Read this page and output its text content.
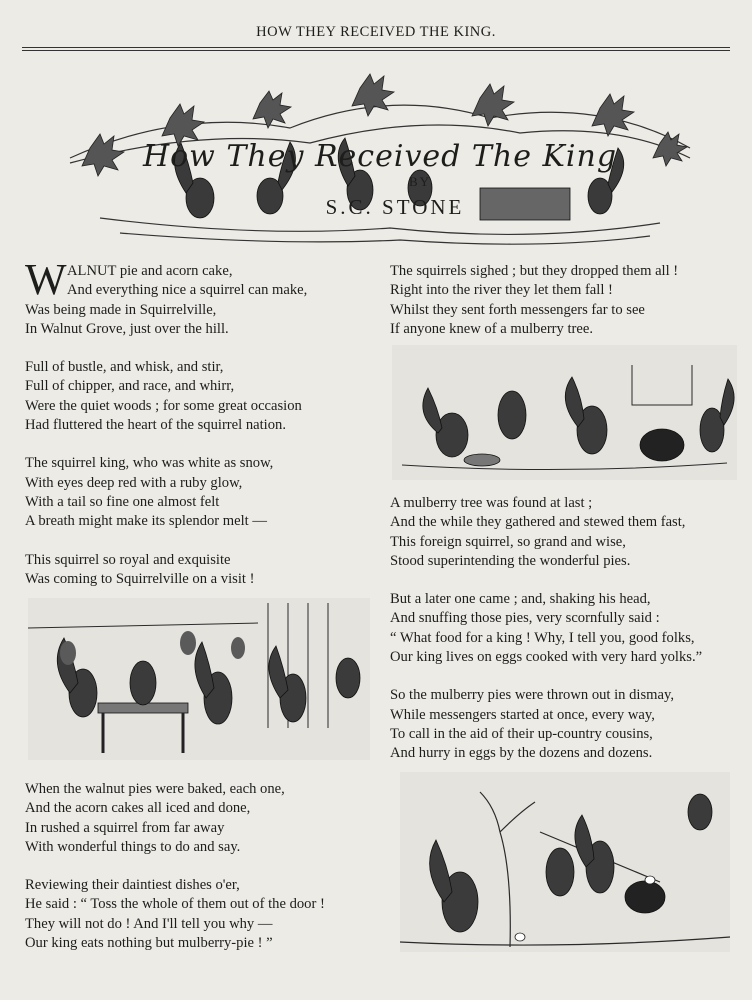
HOW THEY RECEIVED THE KING.
How They Received The King
BY
S.C. STONE
W ALNUT pie and acorn cake,
And everything nice a squirrel can make,
Was being made in Squirrelville,
In Walnut Grove, just over the hill.
Full of bustle, and whisk, and stir,
Full of chipper, and race, and whirr,
Were the quiet woods ; for some great occasion
Had fluttered the heart of the squirrel nation.
The squirrel king, who was white as snow,
With eyes deep red with a ruby glow,
With a tail so fine one almost felt
A breath might make its splendor melt —
This squirrel so royal and exquisite
Was coming to Squirrelville on a visit !
When the walnut pies were baked, each one,
And the acorn cakes all iced and done,
In rushed a squirrel from far away
With wonderful things to do and say.
Reviewing their daintiest dishes o'er,
He said : “ Toss the whole of them out of the door !
They will not do ! And I'll tell you why —
Our king eats nothing but mulberry-pie ! ”
The squirrels sighed ; but they dropped them all !
Right into the river they let them fall !
Whilst they sent forth messengers far to see
If anyone knew of a mulberry tree.
A mulberry tree was found at last ;
And the while they gathered and stewed them fast,
This foreign squirrel, so grand and wise,
Stood superintending the wonderful pies.
But a later one came ; and, shaking his head,
And snuffing those pies, very scornfully said :
“ What food for a king ! Why, I tell you, good folks,
Our king lives on eggs cooked with very hard yolks.”
So the mulberry pies were thrown out in dismay,
While messengers started at once, every way,
To call in the aid of their up-country cousins,
And hurry in eggs by the dozens and dozens.
